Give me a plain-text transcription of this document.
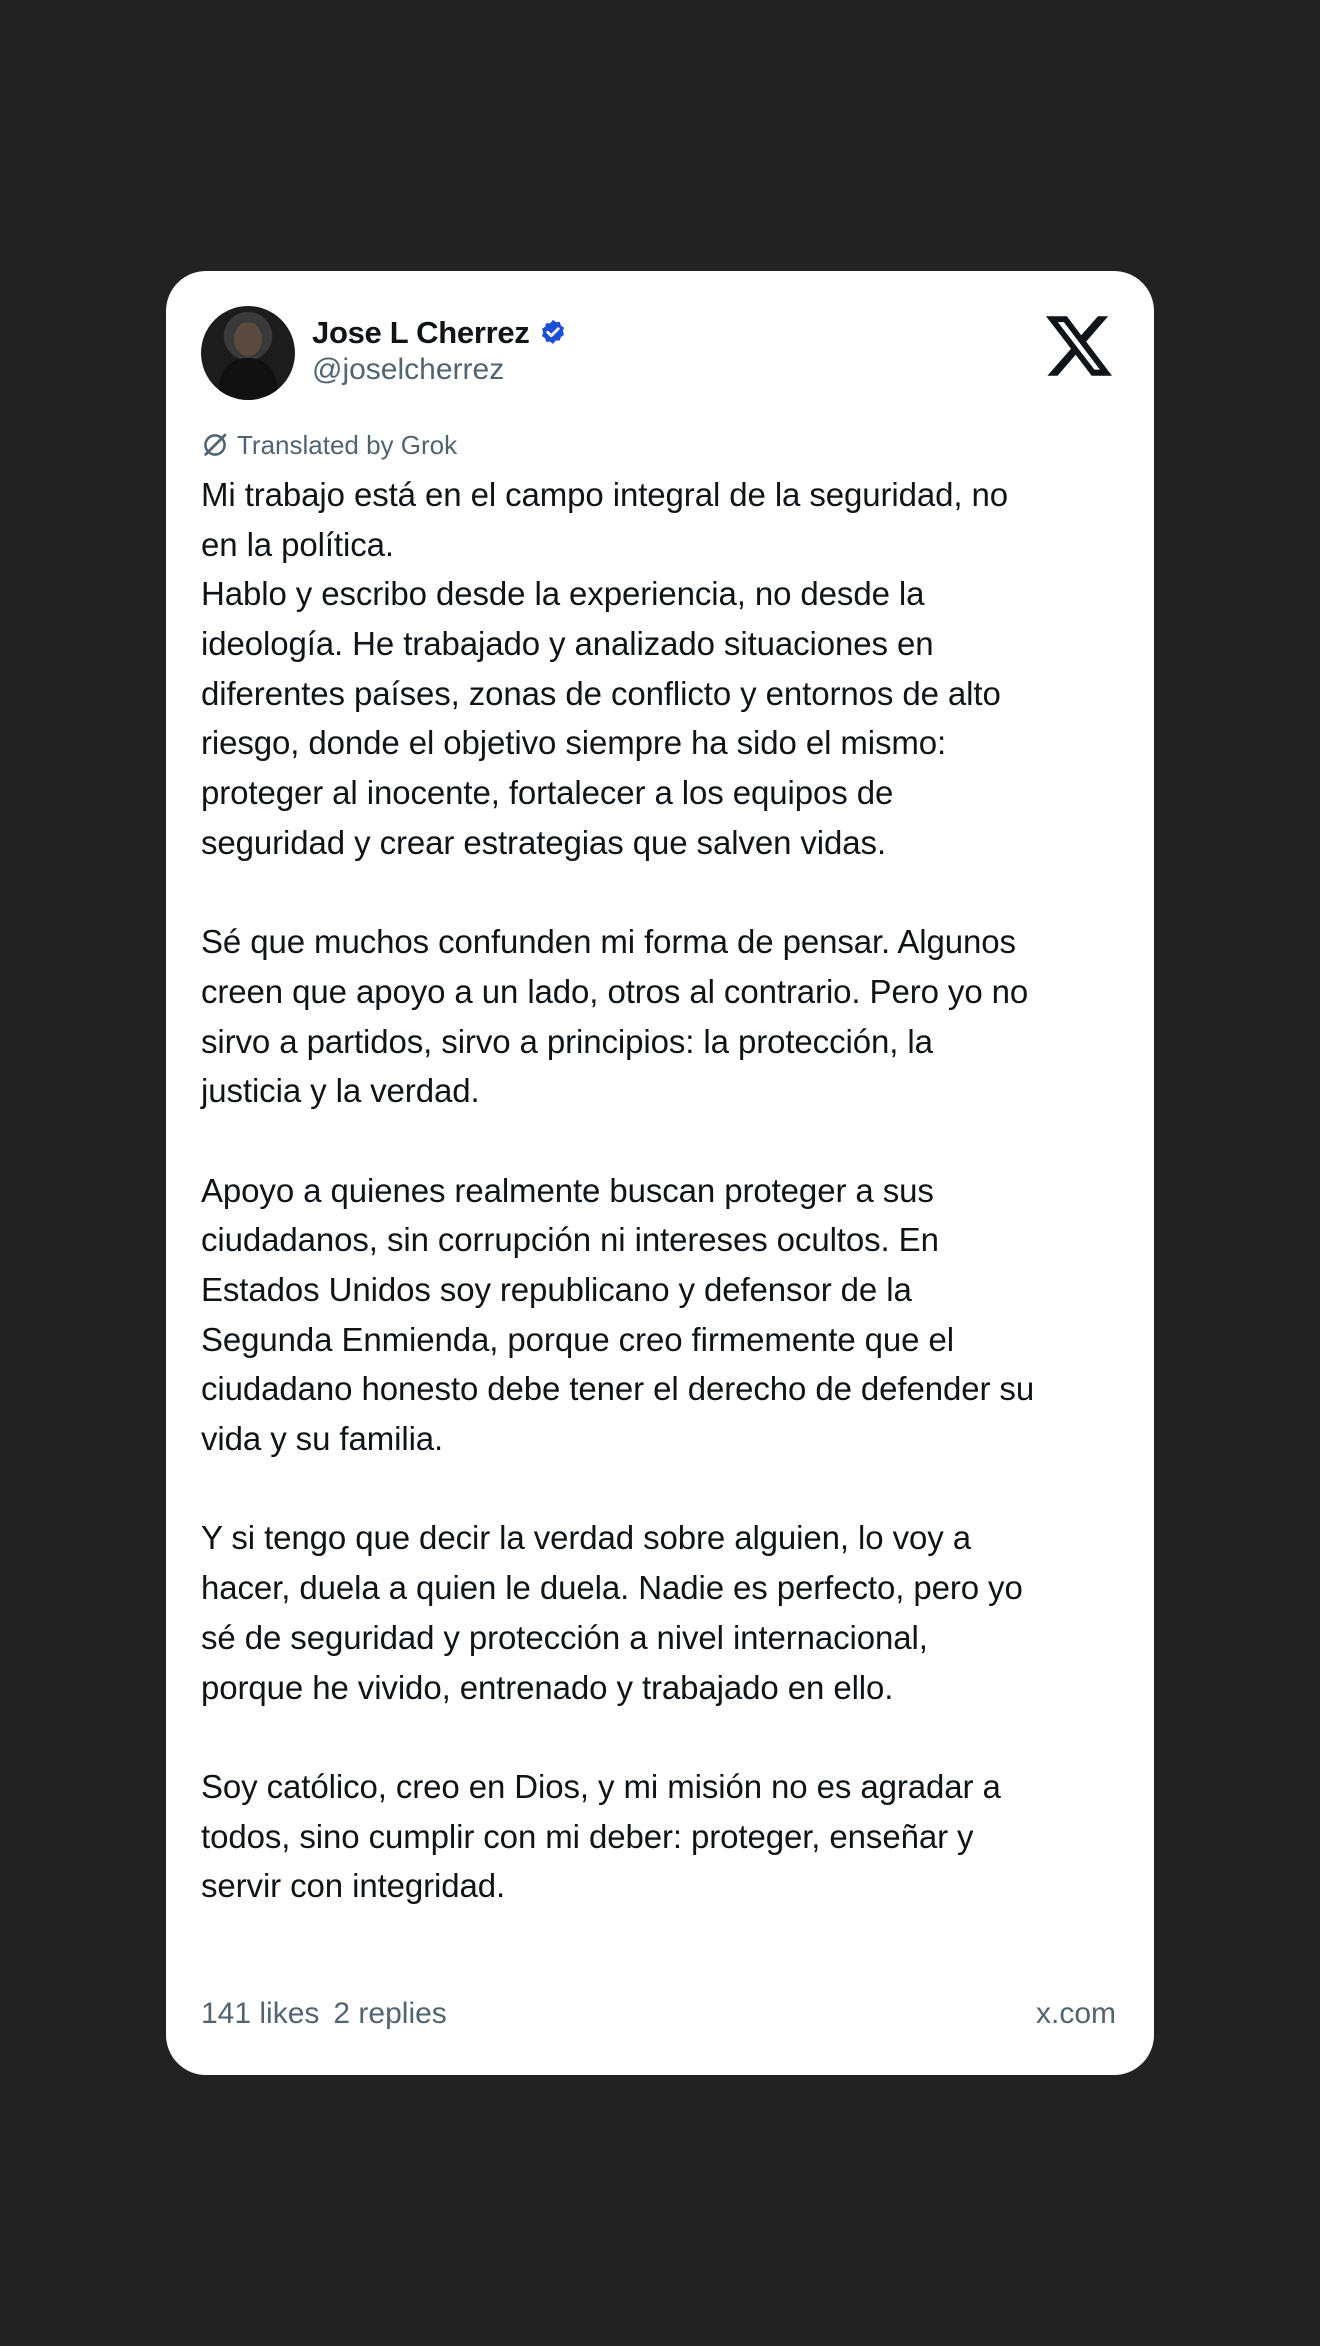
Jose L Cherrez
@joselcherrez
Translated by Grok
Mi trabajo está en el campo integral de la seguridad, no
en la política.
Hablo y escribo desde la experiencia, no desde la
ideología. He trabajado y analizado situaciones en
diferentes países, zonas de conflicto y entornos de alto
riesgo, donde el objetivo siempre ha sido el mismo:
proteger al inocente, fortalecer a los equipos de
seguridad y crear estrategias que salven vidas.
Sé que muchos confunden mi forma de pensar. Algunos
creen que apoyo a un lado, otros al contrario. Pero yo no
sirvo a partidos, sirvo a principios: la protección, la
justicia y la verdad.
Apoyo a quienes realmente buscan proteger a sus
ciudadanos, sin corrupción ni intereses ocultos. En
Estados Unidos soy republicano y defensor de la
Segunda Enmienda, porque creo firmemente que el
ciudadano honesto debe tener el derecho de defender su
vida y su familia.
Y si tengo que decir la verdad sobre alguien, lo voy a
hacer, duela a quien le duela. Nadie es perfecto, pero yo
sé de seguridad y protección a nivel internacional,
porque he vivido, entrenado y trabajado en ello.
Soy católico, creo en Dios, y mi misión no es agradar a
todos, sino cumplir con mi deber: proteger, enseñar y
servir con integridad.
141 likes 2 replies	x.com
